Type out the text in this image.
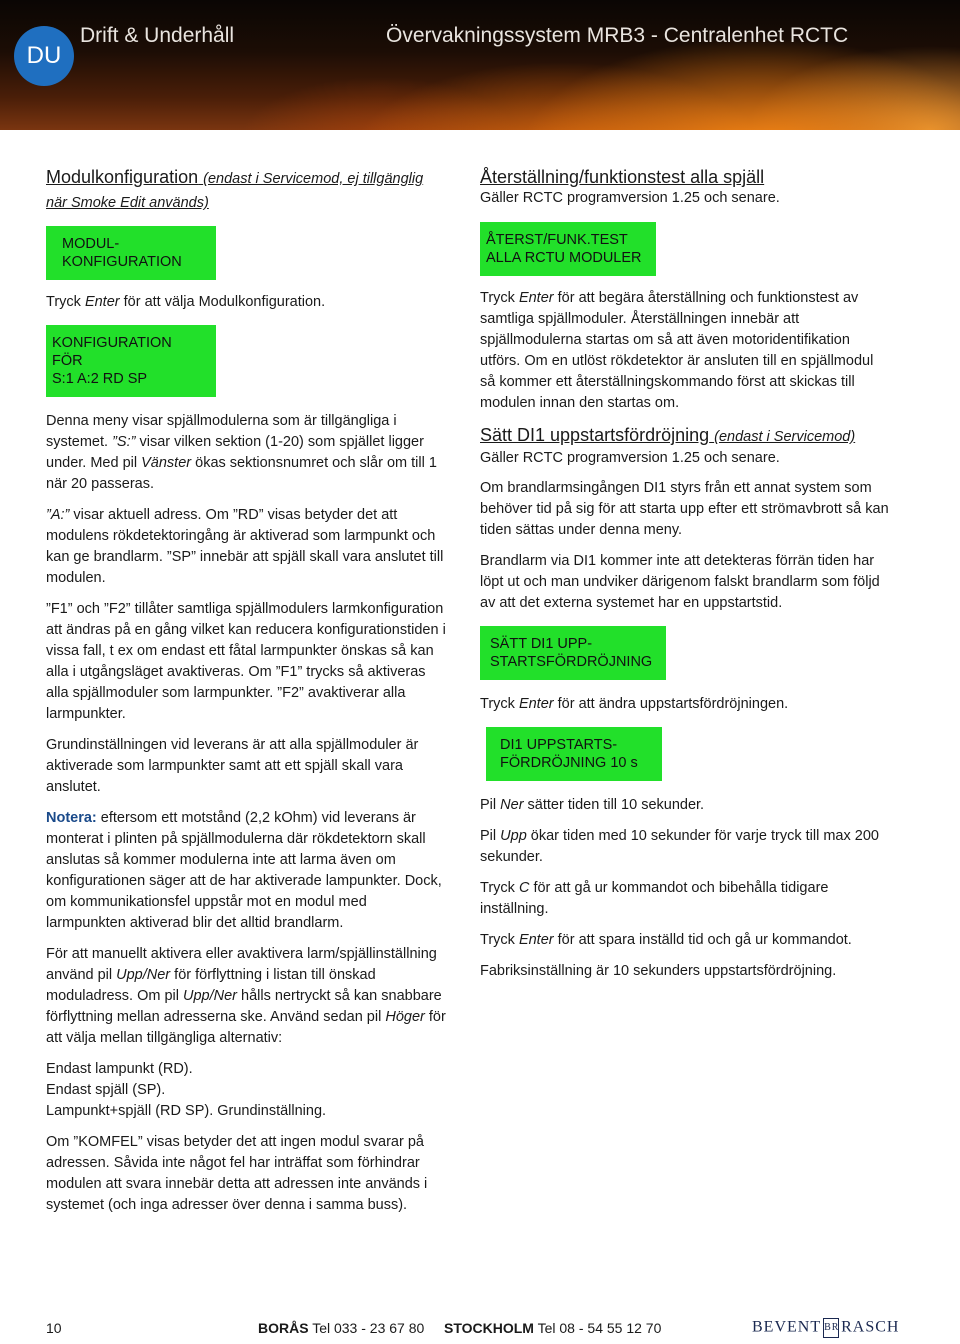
DU
Drift & Underhåll	Övervakningssystem MRB3 - Centralenhet RCTC

Modulkonfiguration (endast i Servicemod, ej tillgänglig när Smoke Edit används)

MODUL-
KONFIGURATION

Tryck Enter för att välja Modulkonfiguration.

KONFIGURATION FÖR
S:1 A:2 RD SP

Denna meny visar spjällmodulerna som är tillgängliga i systemet. ”S:” visar vilken sektion (1-20) som spjället ligger under. Med pil Vänster ökas sektionsnumret och slår om till 1 när 20 passeras.

”A:” visar aktuell adress. Om ”RD” visas betyder det att modulens rökdetektoringång är aktiverad som larmpunkt och kan ge brandlarm. ”SP” innebär att spjäll skall vara anslutet till modulen.

”F1” och ”F2” tillåter samtliga spjällmodulers larmkonfiguration att ändras på en gång vilket kan reducera konfigurationstiden i vissa fall, t ex om endast ett fåtal larmpunkter önskas så kan alla i utgångsläget avaktiveras. Om ”F1” trycks så aktiveras alla spjällmoduler som larmpunkter. ”F2” avaktiverar alla larmpunkter.

Grundinställningen vid leverans är att alla spjällmoduler är aktiverade som larmpunkter samt att ett spjäll skall vara anslutet.

Notera: eftersom ett motstånd (2,2 kOhm) vid leverans är monterat i plinten på spjällmodulerna där rökdetektorn skall anslutas så kommer modulerna inte att larma även om konfigurationen säger att de har aktiverade lampunkter. Dock, om kommunikationsfel uppstår mot en modul med larmpunkten aktiverad blir det alltid brandlarm.

För att manuellt aktivera eller avaktivera larm/spjällinställning använd pil Upp/Ner för förflyttning i listan till önskad moduladress. Om pil Upp/Ner hålls nertryckt så kan snabbare förflyttning mellan adresserna ske. Använd sedan pil Höger för att välja mellan tillgängliga alternativ:

Endast lampunkt (RD).

Endast spjäll (SP).

Lampunkt+spjäll (RD SP). Grundinställning.

Om ”KOMFEL” visas betyder det att ingen modul svarar på adressen. Såvida inte något fel har inträffat som förhindrar modulen att svara innebär detta att adressen inte används i systemet (och inga adresser över denna i samma buss).

Återställning/funktionstest alla spjäll

Gäller RCTC programversion 1.25 och senare.

ÅTERST/FUNK.TEST
ALLA RCTU MODULER

Tryck Enter för att begära återställning och funktionstest av samtliga spjällmoduler. Återställningen innebär att spjällmodulerna startas om så att även motoridentifikation utförs. Om en utlöst rökdetektor är ansluten till en spjällmodul så kommer ett återställningskommando först att skickas till modulen innan den startas om.

Sätt DI1 uppstartsfördröjning (endast i Servicemod)

Gäller RCTC programversion 1.25 och senare.

Om brandlarmsingången DI1 styrs från ett annat system som behöver tid på sig för att starta upp efter ett strömavbrott så kan tiden sättas under denna meny.

Brandlarm via DI1 kommer inte att detekteras förrän tiden har löpt ut och man undviker därigenom falskt brandlarm som följd av att det externa systemet har en uppstartstid.

SÄTT DI1 UPP-
STARTSFÖRDRÖJNING

Tryck Enter för att ändra uppstartsfördröjningen.

DI1 UPPSTARTS-
FÖRDRÖJNING 10 s

Pil Ner sätter tiden till 10 sekunder.

Pil Upp ökar tiden med 10 sekunder för varje tryck till max 200 sekunder.

Tryck C för att gå ur kommandot och bibehålla tidigare inställning.

Tryck Enter för att spara inställd tid och gå ur kommandot.

Fabriksinställning är 10 sekunders uppstartsfördröjning.

10	BORÅS Tel 033 - 23 67 80 STOCKHOLM Tel 08 - 54 55 12 70	BEVENT BR RASCH
